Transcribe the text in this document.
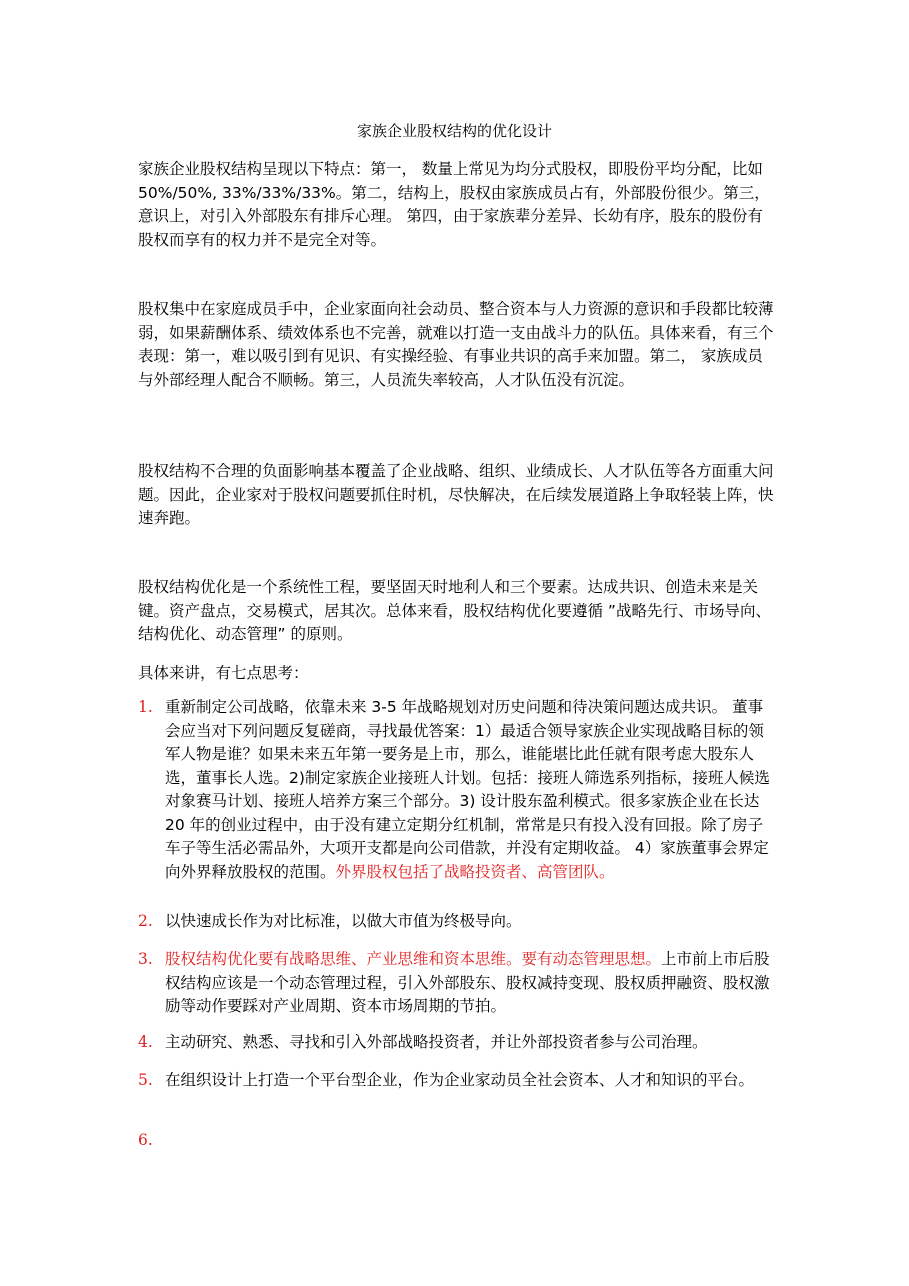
家族企业股权结构的优化设计

家族企业股权结构呈现以下特点：第一， 数量上常见为均分式股权，即股份平均分配，比如 50%/50%, 33%/33%/33%。第二，结构上，股权由家族成员占有，外部股份很少。第三，意识上，对引入外部股东有排斥心理。 第四，由于家族辈分差异、长幼有序，股东的股份有股权而享有的权力并不是完全对等。

股权集中在家庭成员手中，企业家面向社会动员、整合资本与人力资源的意识和手段都比较薄弱，如果薪酬体系、绩效体系也不完善，就难以打造一支由战斗力的队伍。具体来看，有三个表现：第一，难以吸引到有见识、有实操经验、有事业共识的高手来加盟。第二， 家族成员与外部经理人配合不顺畅。第三，人员流失率较高，人才队伍没有沉淀。

股权结构不合理的负面影响基本覆盖了企业战略、组织、业绩成长、人才队伍等各方面重大问题。因此，企业家对于股权问题要抓住时机，尽快解决，在后续发展道路上争取轻装上阵，快速奔跑。

股权结构优化是一个系统性工程，要坚固天时地利人和三个要素。达成共识、创造未来是关键。资产盘点，交易模式，居其次。总体来看，股权结构优化要遵循 ”战略先行、市场导向、结构优化、动态管理” 的原则。

具体来讲，有七点思考：

1. 重新制定公司战略，依靠未来 3-5 年战略规划对历史问题和待决策问题达成共识。 董事会应当对下列问题反复磋商，寻找最优答案：1）最适合领导家族企业实现战略目标的领军人物是谁？如果未来五年第一要务是上市，那么，谁能堪比此任就有限考虑大股东人选，董事长人选。2)制定家族企业接班人计划。包括：接班人筛选系列指标，接班人候选对象赛马计划、接班人培养方案三个部分。3) 设计股东盈利模式。很多家族企业在长达 20 年的创业过程中，由于没有建立定期分红机制，常常是只有投入没有回报。除了房子车子等生活必需品外，大项开支都是向公司借款，并没有定期收益。 4）家族董事会界定向外界释放股权的范围。外界股权包括了战略投资者、高管团队。
2. 以快速成长作为对比标准，以做大市值为终极导向。
3. 股权结构优化要有战略思维、产业思维和资本思维。要有动态管理思想。上市前上市后股权结构应该是一个动态管理过程，引入外部股东、股权减持变现、股权质押融资、股权激励等动作要踩对产业周期、资本市场周期的节拍。
4. 主动研究、熟悉、寻找和引入外部战略投资者，并让外部投资者参与公司治理。
5. 在组织设计上打造一个平台型企业，作为企业家动员全社会资本、人才和知识的平台。
6.
